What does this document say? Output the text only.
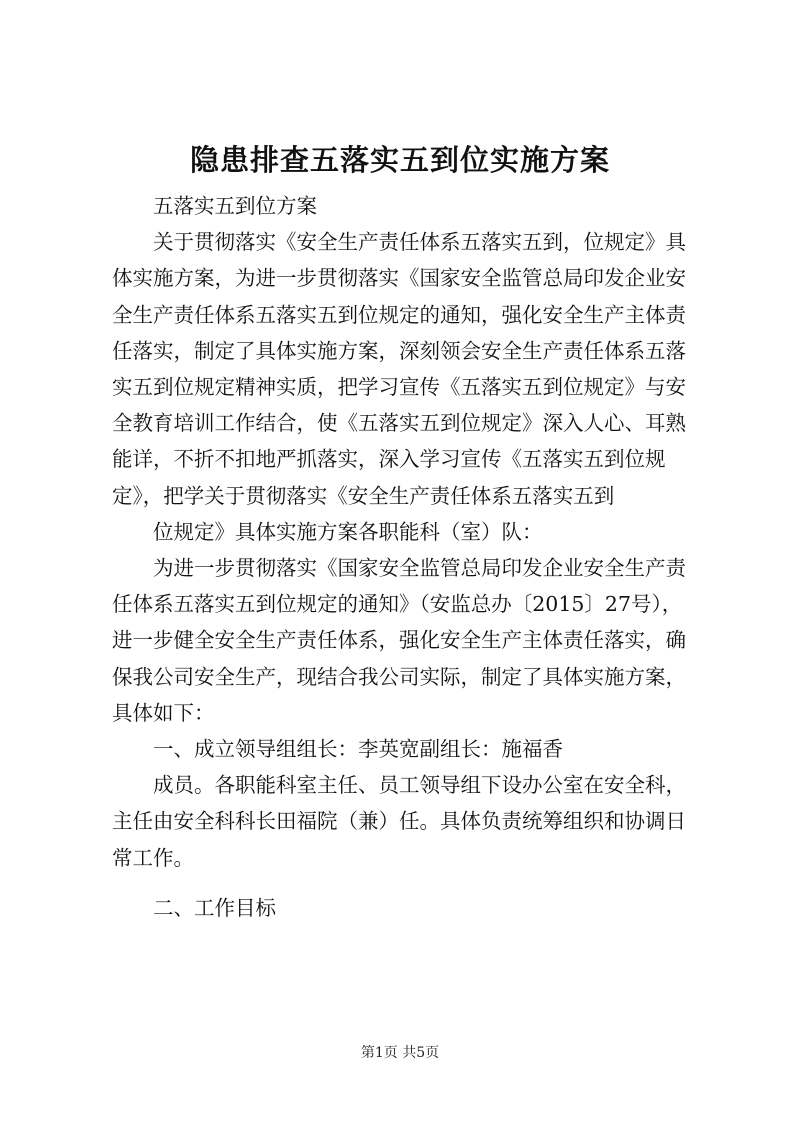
隐患排查五落实五到位实施方案
五落实五到位方案
关于贯彻落实《安全生产责任体系五落实五到，位规定》具
体实施方案，为进一步贯彻落实《国家安全监管总局印发企业安
全生产责任体系五落实五到位规定的通知，强化安全生产主体责
任落实，制定了具体实施方案，深刻领会安全生产责任体系五落
实五到位规定精神实质，把学习宣传《五落实五到位规定》与安
全教育培训工作结合，使《五落实五到位规定》深入人心、耳熟
能详，不折不扣地严抓落实，深入学习宣传《五落实五到位规
定》，把学关于贯彻落实《安全生产责任体系五落实五到
位规定》具体实施方案各职能科（室）队：
为进一步贯彻落实《国家安全监管总局印发企业安全生产责
任体系五落实五到位规定的通知》（安监总办〔2015〕27号），
进一步健全安全生产责任体系，强化安全生产主体责任落实，确
保我公司安全生产，现结合我公司实际，制定了具体实施方案，
具体如下：
一、成立领导组组长：李英宽副组长：施福香
成员。各职能科室主任、员工领导组下设办公室在安全科，
主任由安全科科长田福院（兼）任。具体负责统筹组织和协调日
常工作。
二、工作目标
第1页 共5页
